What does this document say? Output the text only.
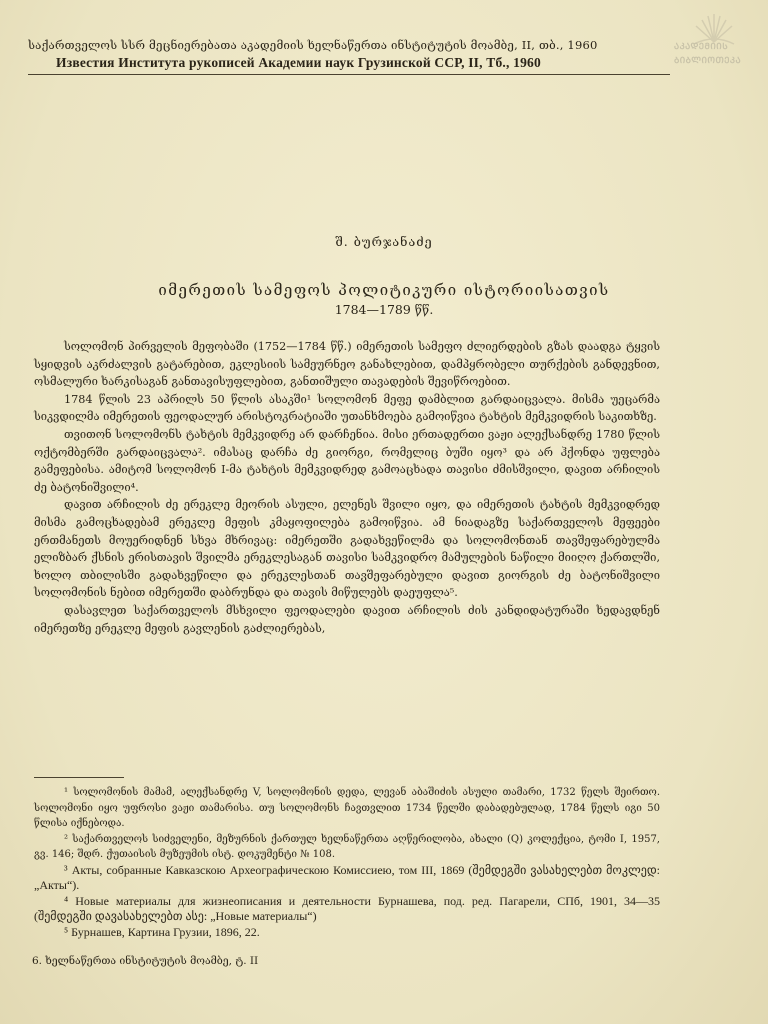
საქართველოს სსრ მეცნიერებათა აკადემიის ხელნაწერთა ინსტიტუტის მოამბე, II, თბ., 1960
Известия Института рукописей Академии наук Грузинской ССР, II, Тб., 1960
ᲐᲙᲐᲓᲔᲛᲘᲘᲡ ᲑᲘᲑᲚᲘᲝᲗᲔᲙᲐ
შ. ბურჯანაძე
იმერეთის სამეფოს პოლიტიკური ისტორიისათვის
1784—1789 წწ.

სოლომონ პირველის მეფობაში (1752—1784 წწ.) იმერეთის სამეფო ძლიერდების გზას დაადგა ტყვის სყიდვის აკრძალვის გატარებით, ეკლესიის სამეურნეო განახლებით, დამპყრობელი თურქების განდევნით, ოსმალური ხარკისაგან განთავისუფლებით, განთიშული თავადების შევიწროებით.

1784 წლის 23 აპრილს 50 წლის ასაკში¹ სოლომონ მეფე დამბლით გარდაიცვალა. მისმა უეცარმა სიკვდილმა იმერეთის ფეოდალურ არისტოკრატიაში უთანხმოება გამოიწვია ტახტის მემკვიდრის საკითხზე.

თვითონ სოლომონს ტახტის მემკვიდრე არ დარჩენია. მისი ერთადერთი ვაჟი ალექსანდრე 1780 წლის ოქტომბერში გარდაიცვალა². იმასაც დარჩა ძე გიორგი, რომელიც ბუში იყო³ და არ ჰქონდა უფლება გამეფებისა. ამიტომ სოლომონ I-მა ტახტის მემკვიდრედ გამოაცხადა თავისი ძმისშვილი, დავით არჩილის ძე ბატონიშვილი⁴.

დავით არჩილის ძე ერეკლე მეორის ასული, ელენეს შვილი იყო, და იმერეთის ტახტის მემკვიდრედ მისმა გამოცხადებამ ერეკლე მეფის კმაყოფილება გამოიწვია. ამ ნიადაგზე საქართველოს მეფეები ერთმანეთს მოუერიდნენ სხვა მხრივაც: იმერეთში გადახვეწილმა და სოლომონთან თავშეფარებულმა ელიზბარ ქსნის ერისთავის შვილმა ერეკლესაგან თავისი სამკვიდრო მამულების ნაწილი მიიღო ქართლში, ხოლო თბილისში გადახვეწილი და ერეკლესთან თავშეფარებული დავით გიორგის ძე ბატონიშვილი სოლომონის ნებით იმერეთში დაბრუნდა და თავის მიწულებს დაეუფლა⁵.

დასავლეთ საქართველოს მსხვილი ფეოდალები დავით არჩილის ძის კანდიდატურაში ხედავდნენ იმერეთზე ერეკლე მეფის გავლენის გაძლიერებას,

¹ სოლომონის მამამ, ალექსანდრე V, სოლომონის დედა, ლევან აბაშიძის ასული თამარი, 1732 წელს შეირთო. სოლომონი იყო უფროსი ვაჟი თამარისა. თუ სოლომონს ჩავთვლით 1734 წელში დაბადებულად, 1784 წელს იგი 50 წლისა იქნებოდა.

² საქართველოს სიძველენი, მეზურნის ქართულ ხელნაწერთა აღწერილობა, ახალი (Q) კოლექცია, ტომი I, 1957, გვ. 146; შდრ. ქუთაისის მუზეუმის ისტ. დოკუმენტი № 108.

³ Акты, собранные Кавказскою Археографическою Комиссиею, том III, 1869 (შემდეგში ვასახელებთ მოკლედ: „Акты“).

⁴ Новые материалы для жизнеописания и деятельности Бурнашева, под. ред. Пагарели, СПб, 1901, 34—35 (შემდეგში დავასახელებთ ასე: „Новые материалы“)

⁵ Бурнашев, Картина Грузии, 1896, 22.

6. ხელნაწერთა ინსტიტუტის მოამბე, ტ. II
